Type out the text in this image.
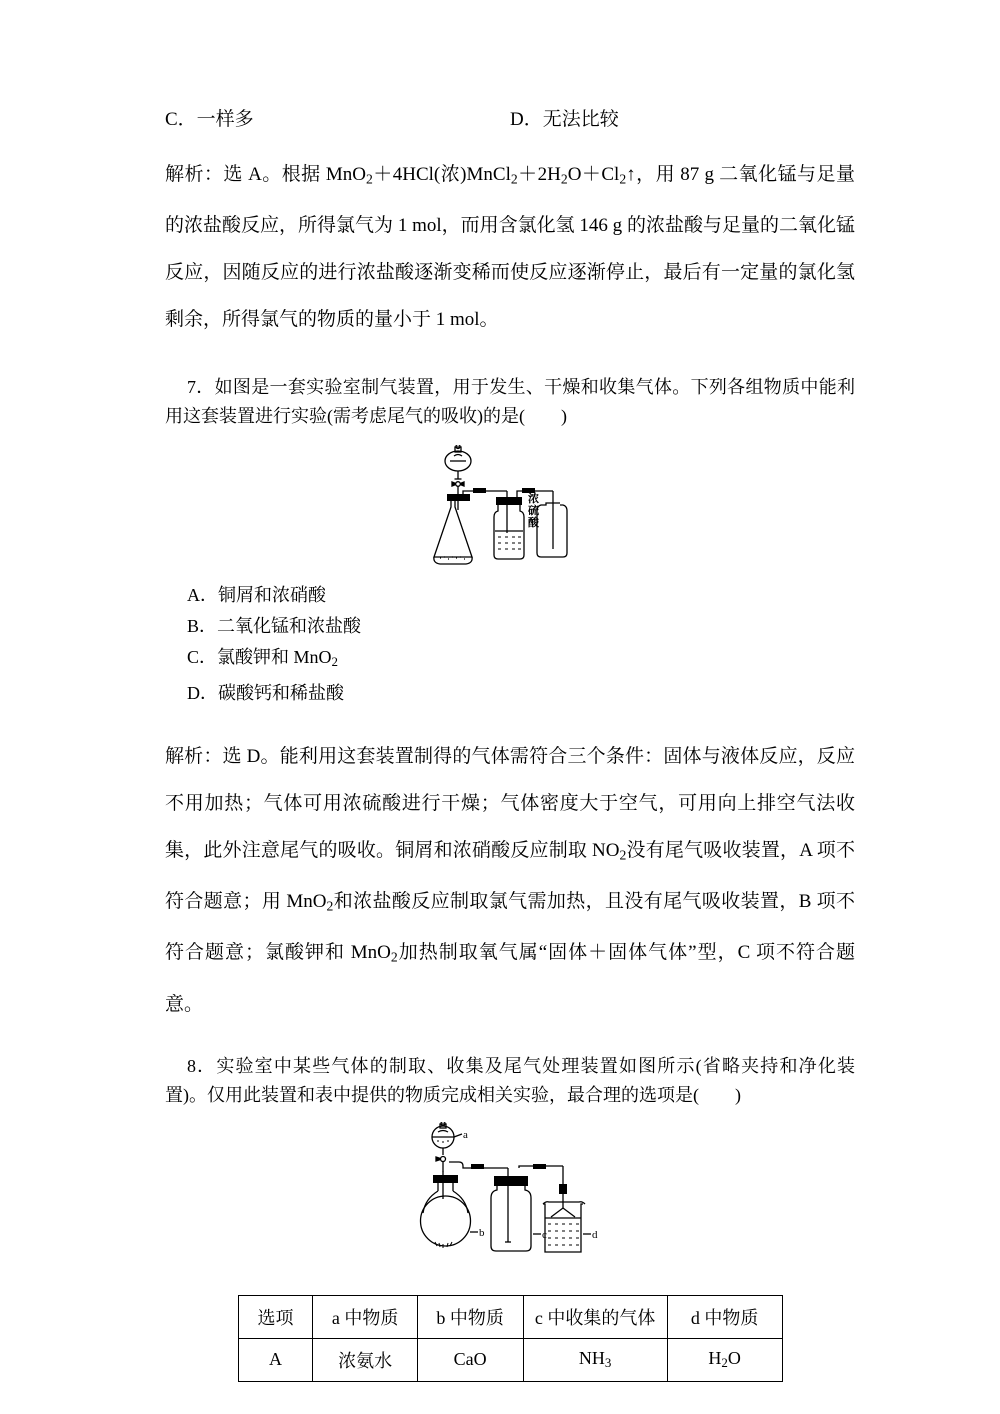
C．一样多	D．无法比较
解析：选 A。根据 MnO$_2$＋4HCl(浓)$MnCl_2+2H_2O+Cl_2↑$，用 87 g 二氧化锰与足量的浓盐酸反应，所得氯气为 1 mol，而用含氯化氢 146 g 的浓盐酸与足量的二氧化锰反应，因随反应的进行浓盐酸逐渐变稀而使反应逐渐停止，最后有一定量的氯化氢剩余，所得氯气的物质的量小于 1 mol。
7．如图是一套实验室制气装置，用于发生、干燥和收集气体。下列各组物质中能利用这套装置进行实验(需考虑尾气的吸收)的是(　　)
浓硫酸
A．铜屑和浓硝酸
B．二氧化锰和浓盐酸
C．氯酸钾和 MnO$_2$
D．碳酸钙和稀盐酸
解析：选 D。能利用这套装置制得的气体需符合三个条件：固体与液体反应，反应不用加热；气体可用浓硫酸进行干燥；气体密度大于空气，可用向上排空气法收集，此外注意尾气的吸收。铜屑和浓硝酸反应制取 $NO_2$没有尾气吸收装置，A 项不符合题意；用 MnO$_2$和浓盐酸反应制取氯气需加热，且没有尾气吸收装置，B 项不符合题意；氯酸钾和 MnO$_2$加热制取氧气属“固体＋固体气体”型，C 项不符合题意。
8．实验室中某些气体的制取、收集及尾气处理装置如图所示(省略夹持和净化装置)。仅用此装置和表中提供的物质完成相关实验，最合理的选项是(　　)
a
b	c	d
选项	a 中物质	b 中物质	c 中收集的气体	d 中物质
A	浓氨水	CaO	$NH_3$	$H_2O$
